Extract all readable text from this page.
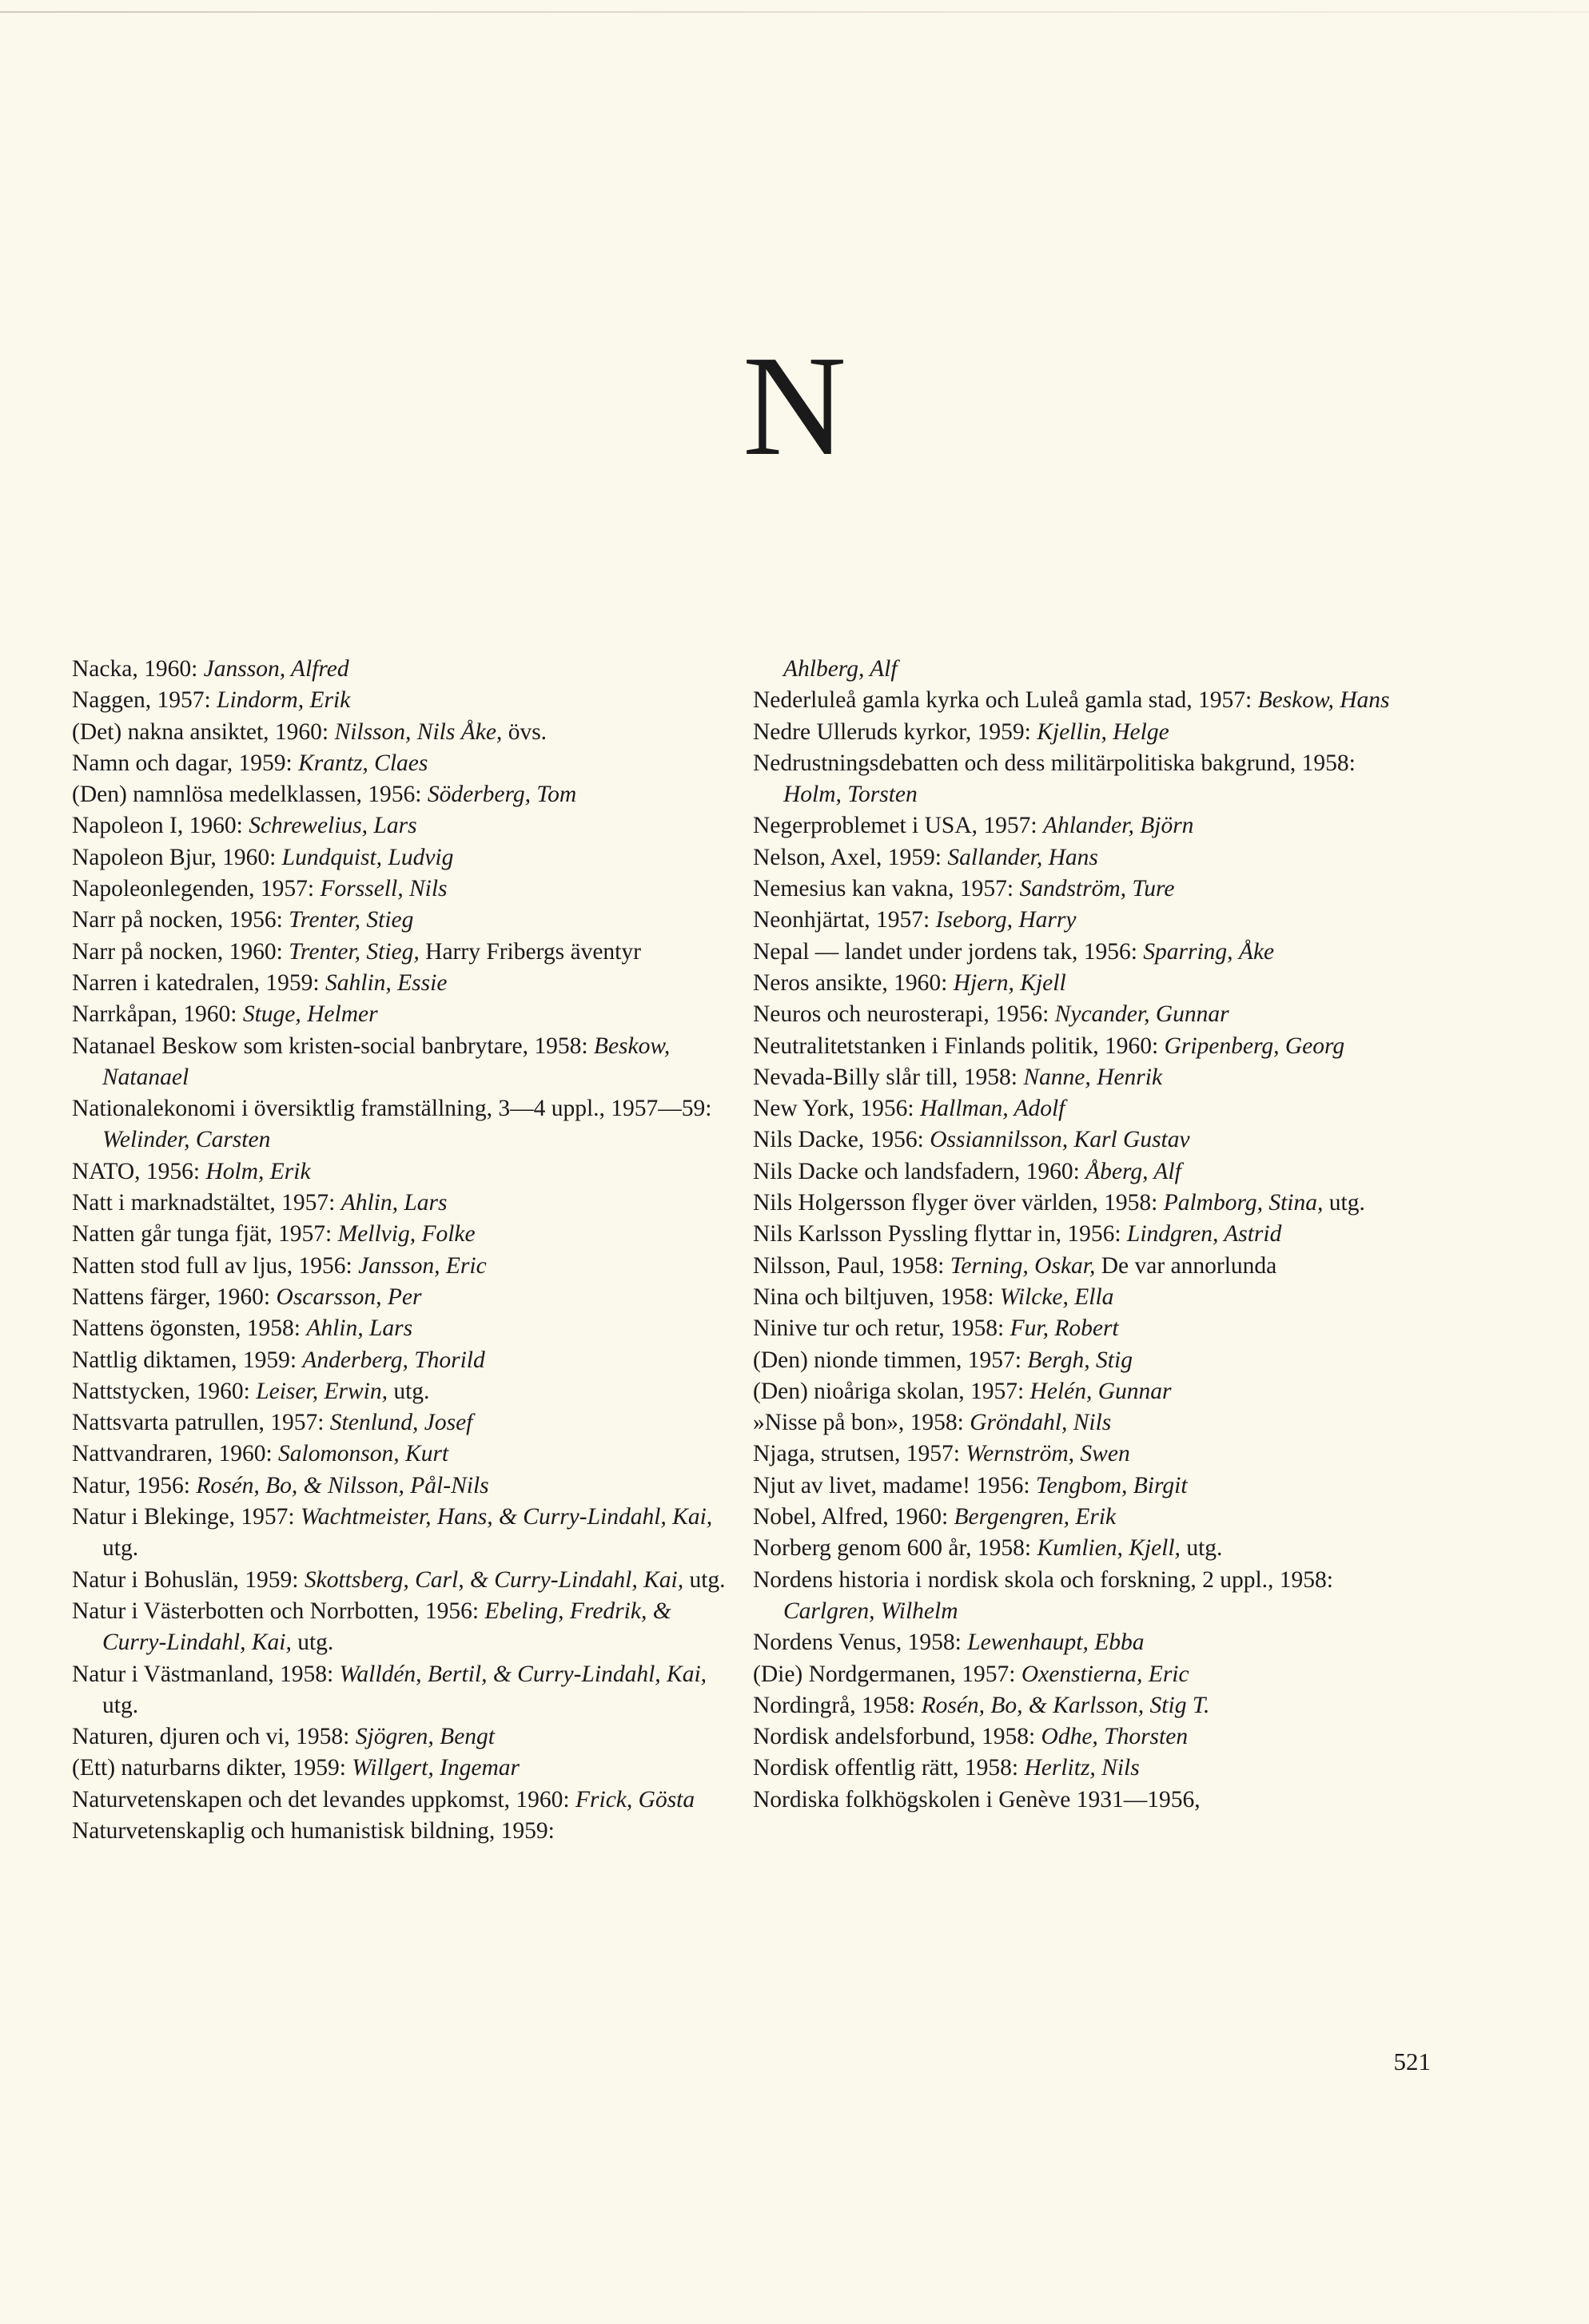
N

Nacka, 1960: Jansson, Alfred

Naggen, 1957: Lindorm, Erik

(Det) nakna ansiktet, 1960: Nilsson, Nils Åke, övs.

Namn och dagar, 1959: Krantz, Claes

(Den) namnlösa medelklassen, 1956: Söderberg, Tom

Napoleon I, 1960: Schrewelius, Lars

Napoleon Bjur, 1960: Lundquist, Ludvig

Napoleonlegenden, 1957: Forssell, Nils

Narr på nocken, 1956: Trenter, Stieg

Narr på nocken, 1960: Trenter, Stieg, Harry Fribergs äventyr

Narren i katedralen, 1959: Sahlin, Essie

Narrkåpan, 1960: Stuge, Helmer

Natanael Beskow som kristen-social banbrytare, 1958: Beskow, Natanael

Nationalekonomi i översiktlig framställning, 3—4 uppl., 1957—59: Welinder, Carsten

NATO, 1956: Holm, Erik

Natt i marknadstältet, 1957: Ahlin, Lars

Natten går tunga fjät, 1957: Mellvig, Folke

Natten stod full av ljus, 1956: Jansson, Eric

Nattens färger, 1960: Oscarsson, Per

Nattens ögonsten, 1958: Ahlin, Lars

Nattlig diktamen, 1959: Anderberg, Thorild

Nattstycken, 1960: Leiser, Erwin, utg.

Nattsvarta patrullen, 1957: Stenlund, Josef

Nattvandraren, 1960: Salomonson, Kurt

Natur, 1956: Rosén, Bo, & Nilsson, Pål-Nils

Natur i Blekinge, 1957: Wachtmeister, Hans, & Curry-Lindahl, Kai, utg.

Natur i Bohuslän, 1959: Skottsberg, Carl, & Curry-Lindahl, Kai, utg.

Natur i Västerbotten och Norrbotten, 1956: Ebeling, Fredrik, & Curry-Lindahl, Kai, utg.

Natur i Västmanland, 1958: Walldén, Bertil, & Curry-Lindahl, Kai, utg.

Naturen, djuren och vi, 1958: Sjögren, Bengt

(Ett) naturbarns dikter, 1959: Willgert, Ingemar

Naturvetenskapen och det levandes uppkomst, 1960: Frick, Gösta

Naturvetenskaplig och humanistisk bildning, 1959:

Ahlberg, Alf

Nederluleå gamla kyrka och Luleå gamla stad, 1957: Beskow, Hans

Nedre Ulleruds kyrkor, 1959: Kjellin, Helge

Nedrustningsdebatten och dess militärpolitiska bakgrund, 1958: Holm, Torsten

Negerproblemet i USA, 1957: Ahlander, Björn

Nelson, Axel, 1959: Sallander, Hans

Nemesius kan vakna, 1957: Sandström, Ture

Neonhjärtat, 1957: Iseborg, Harry

Nepal — landet under jordens tak, 1956: Sparring, Åke

Neros ansikte, 1960: Hjern, Kjell

Neuros och neurosterapi, 1956: Nycander, Gunnar

Neutralitetstanken i Finlands politik, 1960: Gripenberg, Georg

Nevada-Billy slår till, 1958: Nanne, Henrik

New York, 1956: Hallman, Adolf

Nils Dacke, 1956: Ossiannilsson, Karl Gustav

Nils Dacke och landsfadern, 1960: Åberg, Alf

Nils Holgersson flyger över världen, 1958: Palmborg, Stina, utg.

Nils Karlsson Pyssling flyttar in, 1956: Lindgren, Astrid

Nilsson, Paul, 1958: Terning, Oskar, De var annorlunda

Nina och biltjuven, 1958: Wilcke, Ella

Ninive tur och retur, 1958: Fur, Robert

(Den) nionde timmen, 1957: Bergh, Stig

(Den) nioåriga skolan, 1957: Helén, Gunnar

»Nisse på bon», 1958: Gröndahl, Nils

Njaga, strutsen, 1957: Wernström, Swen

Njut av livet, madame! 1956: Tengbom, Birgit

Nobel, Alfred, 1960: Bergengren, Erik

Norberg genom 600 år, 1958: Kumlien, Kjell, utg.

Nordens historia i nordisk skola och forskning, 2 uppl., 1958: Carlgren, Wilhelm

Nordens Venus, 1958: Lewenhaupt, Ebba

(Die) Nordgermanen, 1957: Oxenstierna, Eric

Nordingrå, 1958: Rosén, Bo, & Karlsson, Stig T.

Nordisk andelsforbund, 1958: Odhe, Thorsten

Nordisk offentlig rätt, 1958: Herlitz, Nils

Nordiska folkhögskolen i Genève 1931—1956,

521
